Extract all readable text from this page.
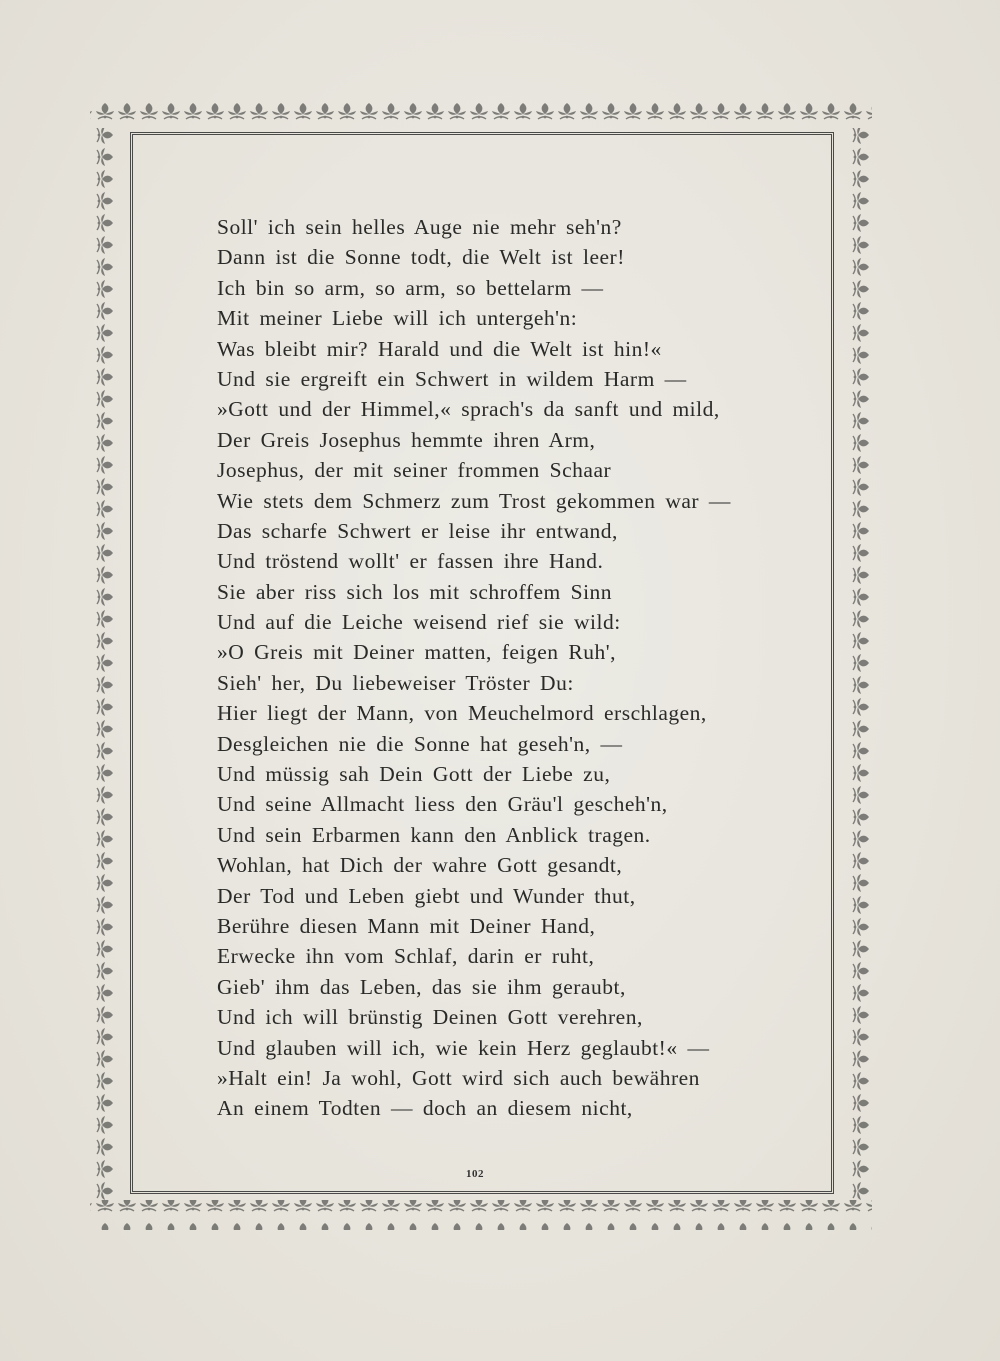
Soll' ich sein helles Auge nie mehr seh'n?
Dann ist die Sonne todt, die Welt ist leer!
Ich bin so arm, so arm, so bettelarm —
Mit meiner Liebe will ich untergeh'n:
Was bleibt mir? Harald und die Welt ist hin!«
Und sie ergreift ein Schwert in wildem Harm —
»Gott und der Himmel,« sprach's da sanft und mild,
Der Greis Josephus hemmte ihren Arm,
Josephus, der mit seiner frommen Schaar
Wie stets dem Schmerz zum Trost gekommen war —
Das scharfe Schwert er leise ihr entwand,
Und tröstend wollt' er fassen ihre Hand.
Sie aber riss sich los mit schroffem Sinn
Und auf die Leiche weisend rief sie wild:
»O Greis mit Deiner matten, feigen Ruh',
Sieh' her, Du liebeweiser Tröster Du:
Hier liegt der Mann, von Meuchelmord erschlagen,
Desgleichen nie die Sonne hat geseh'n, —
Und müssig sah Dein Gott der Liebe zu,
Und seine Allmacht liess den Gräu'l gescheh'n,
Und sein Erbarmen kann den Anblick tragen.
Wohlan, hat Dich der wahre Gott gesandt,
Der Tod und Leben giebt und Wunder thut,
Berühre diesen Mann mit Deiner Hand,
Erwecke ihn vom Schlaf, darin er ruht,
Gieb' ihm das Leben, das sie ihm geraubt,
Und ich will brünstig Deinen Gott verehren,
Und glauben will ich, wie kein Herz geglaubt!« —
»Halt ein! Ja wohl, Gott wird sich auch bewähren
An einem Todten — doch an diesem nicht,
102
